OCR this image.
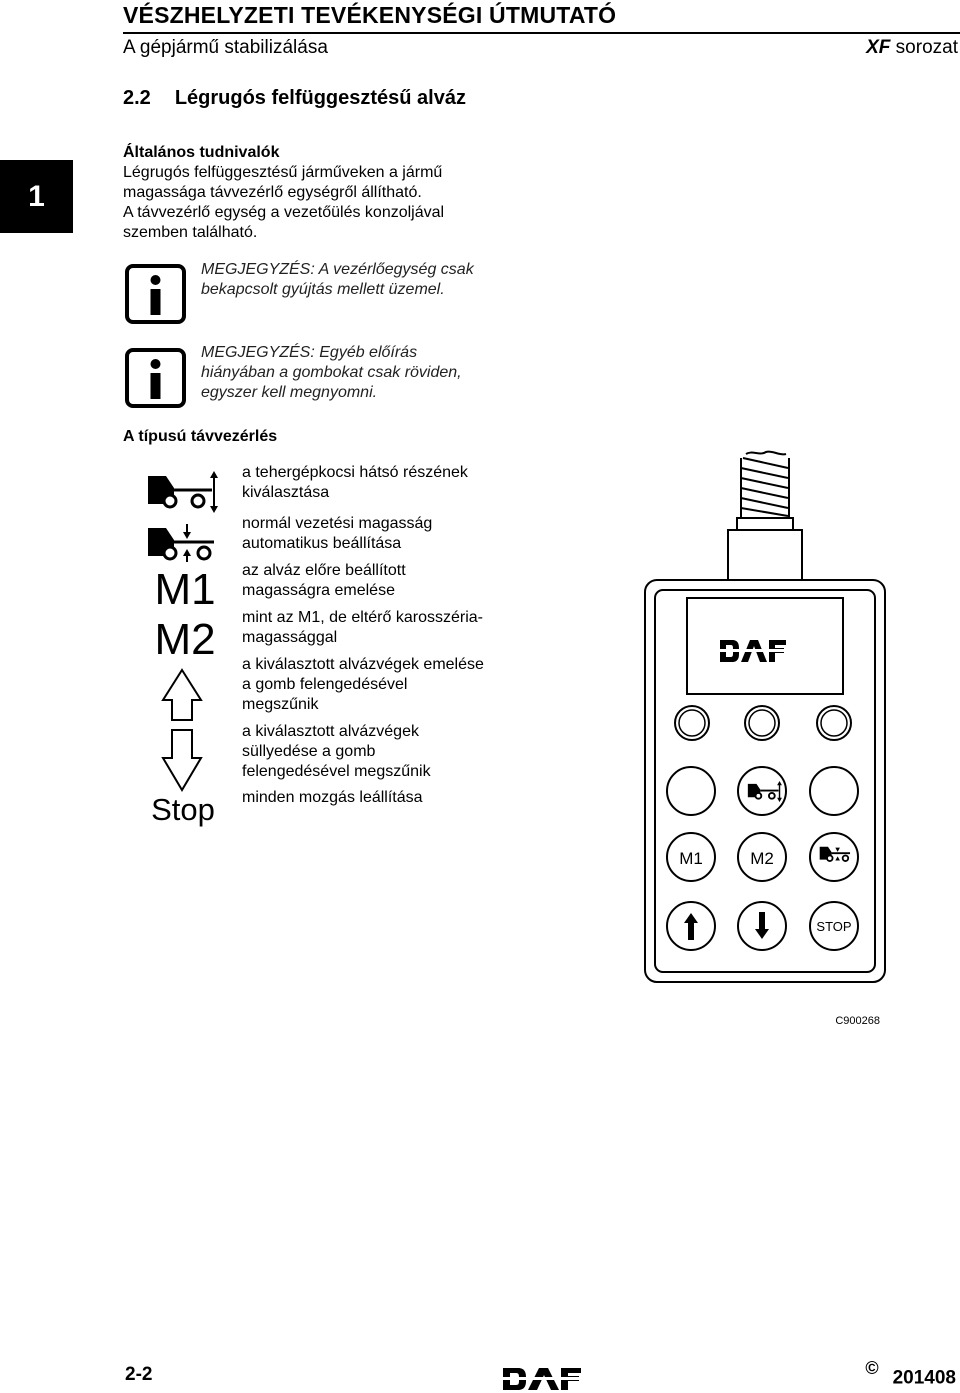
VÉSZHELYZETI TEVÉKENYSÉGI ÚTMUTATÓ
A gépjármű stabilizálása	XF sorozat
1
2.2 Légrugós felfüggesztésű alváz
Általános tudnivalók
Légrugós felfüggesztésű járműveken a jármű
magassága távvezérlő egységről állítható.
A távvezérlő egység a vezetőülés konzoljával
szemben található.
MEGJEGYZÉS: A vezérlőegység csak
bekapcsolt gyújtás mellett üzemel.
MEGJEGYZÉS: Egyéb előírás
hiányában a gombokat csak röviden,
egyszer kell megnyomni.
A típusú távvezérlés
M1
M2
Stop
a tehergépkocsi hátsó részének
kiválasztása
normál vezetési magasság
automatikus beállítása
az alváz előre beállított
magasságra emelése
mint az M1, de eltérő karosszéria-
magassággal
a kiválasztott alvázvégek emelése
a gomb felengedésével
megszűnik
a kiválasztott alvázvégek
süllyedése a gomb
felengedésével megszűnik
minden mozgás leállítása
DAF
M1	M2
STOP
C900268
2-2
DAF
© 201408
